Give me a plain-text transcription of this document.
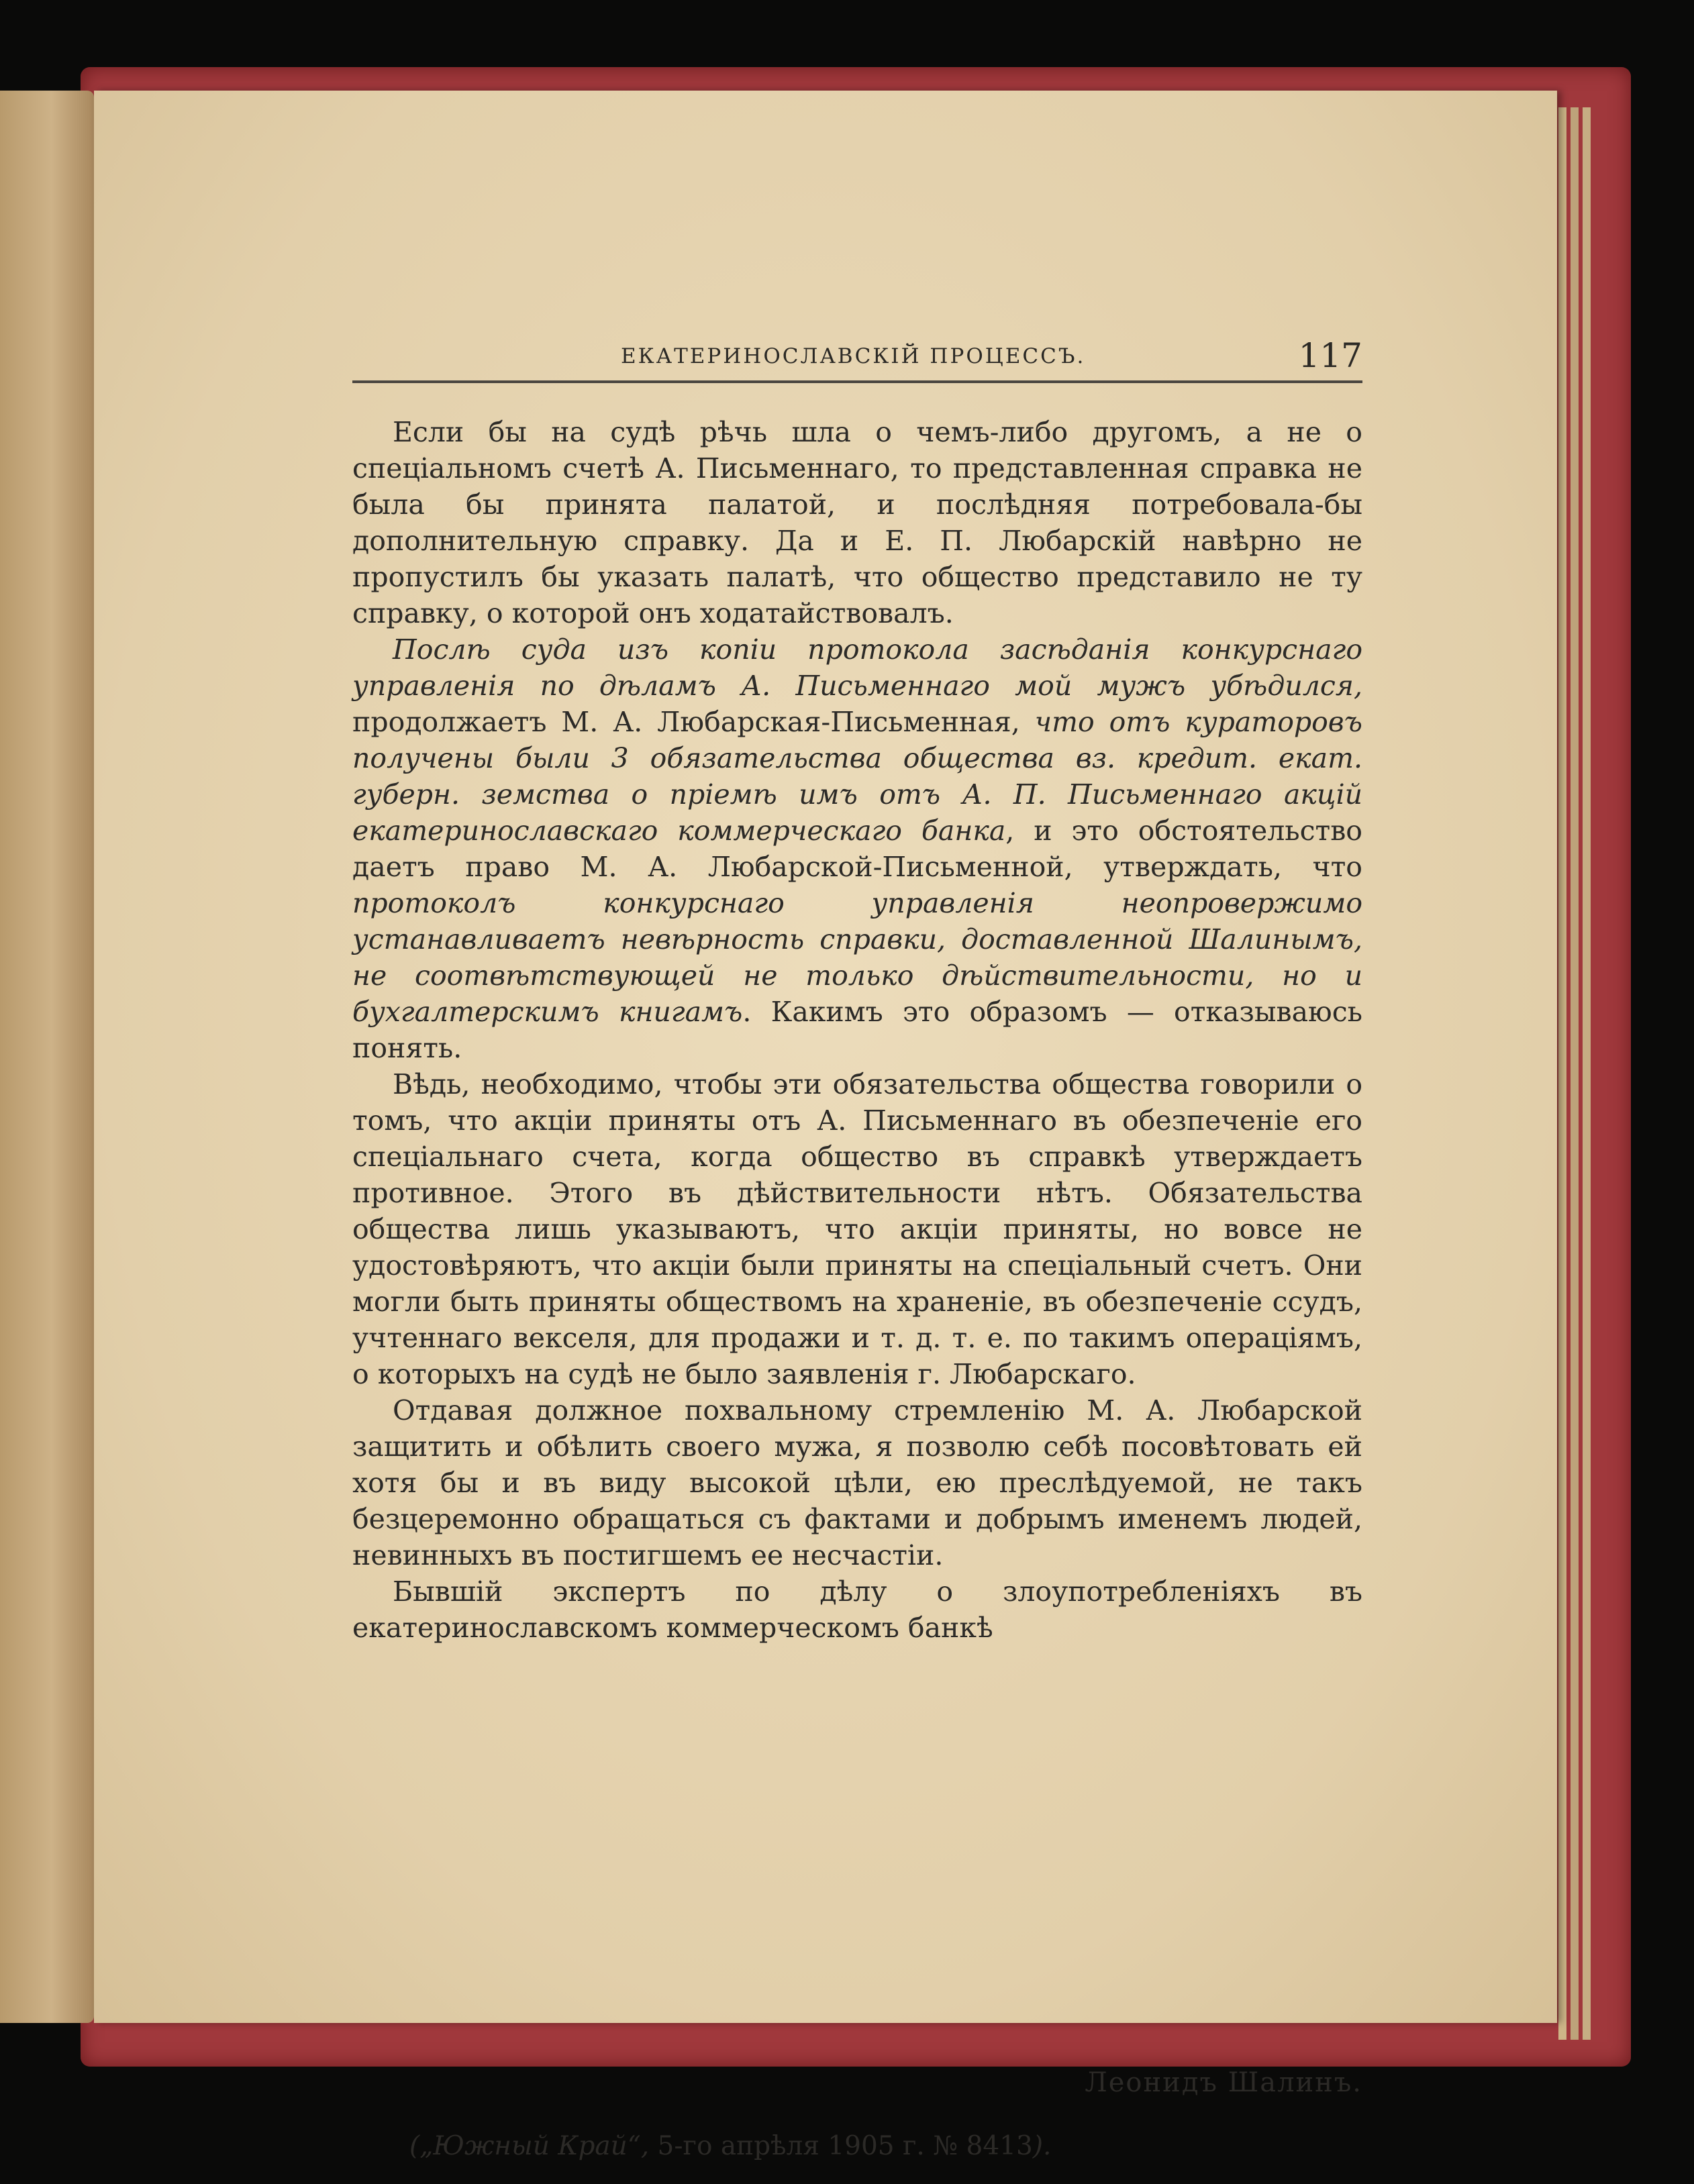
ЕКАТЕРИНОСЛАВСКІЙ ПРОЦЕССЪ.	117

Если бы на судѣ рѣчь шла о чемъ-либо другомъ, а не о спеціальномъ счетѣ А. Письменнаго, то представленная справка не была бы принята палатой, и послѣдняя потребовала-бы дополнительную справку. Да и Е. П. Любарскій навѣрно не пропустилъ бы указать палатѣ, что общество представило не ту справку, о которой онъ ходатайствовалъ.

Послѣ суда изъ копіи протокола засѣданія конкурснаго управленія по дѣламъ А. Письменнаго мой мужъ убѣдился, продолжаетъ М. А. Любарская-Письменная, что отъ кураторовъ получены были 3 обязательства общества вз. кредит. екат. губерн. земства о пріемѣ имъ отъ А. П. Письменнаго акцій екатеринославскаго коммерческаго банка, и это обстоятельство даетъ право М. А. Любарской-Письменной, утверждать, что протоколъ конкурснаго управленія неопровержимо устанавливаетъ невѣрность справки, доставленной Шалинымъ, не соотвѣтствующей не только дѣйствительности, но и бухгалтерскимъ книгамъ. Какимъ это образомъ — отказываюсь понять.

Вѣдь, необходимо, чтобы эти обязательства общества говорили о томъ, что акціи приняты отъ А. Письменнаго въ обезпеченіе его спеціальнаго счета, когда общество въ справкѣ утверждаетъ противное. Этого въ дѣйствительности нѣтъ. Обязательства общества лишь указываютъ, что акціи приняты, но вовсе не удостовѣряютъ, что акціи были приняты на спеціальный счетъ. Они могли быть приняты обществомъ на храненіе, въ обезпеченіе ссудъ, учтеннаго векселя, для продажи и т. д. т. е. по такимъ операціямъ, о которыхъ на судѣ не было заявленія г. Любарскаго.

Отдавая должное похвальному стремленію М. А. Любарской защитить и обѣлить своего мужа, я позволю себѣ посовѣтовать ей хотя бы и въ виду высокой цѣли, ею преслѣдуемой, не такъ безцеремонно обращаться съ фактами и добрымъ именемъ людей, невинныхъ въ постигшемъ ее несчастіи.

Бывшій экспертъ по дѣлу о злоупотребленіяхъ въ екатеринославскомъ коммерческомъ банкѣ

Леонидъ Шалинъ.
(„Южный Край“, 5-го апрѣля 1905 г. № 8413).
